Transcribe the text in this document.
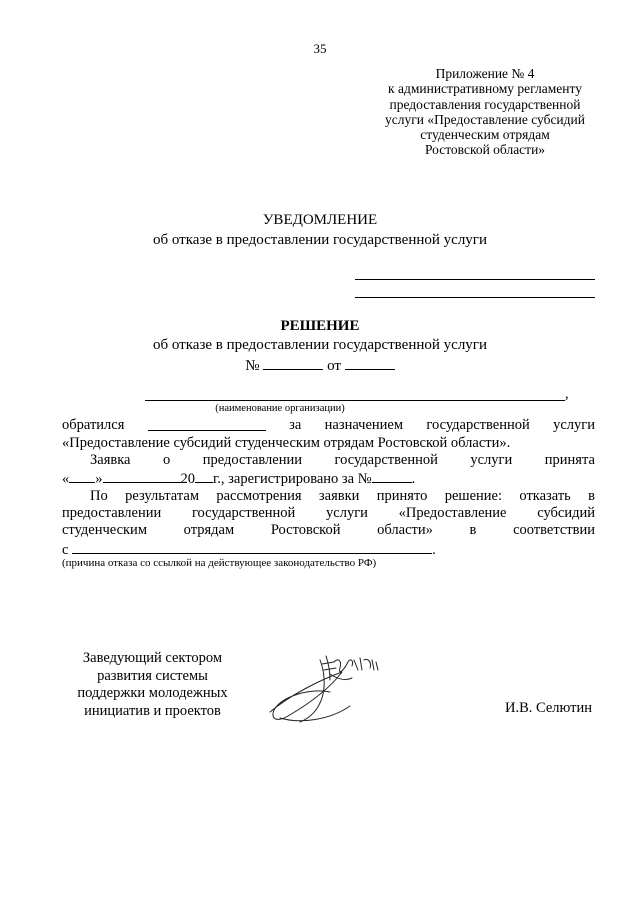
35
Приложение № 4
к административному регламенту
предоставления государственной
услуги «Предоставление субсидий
студенческим отрядам
Ростовской области»
УВЕДОМЛЕНИЕ
об отказе в предоставлении государственной услуги
РЕШЕНИЕ
об отказе в предоставлении государственной услуги
№	от
,
(наименование организации)
обратился	за назначением государственной услуги
«Предоставление субсидий студенческим отрядам Ростовской области».
Заявка о предоставлении государственной услуги принята
« »	20 г., зарегистрировано за №	.
По результатам рассмотрения заявки принято решение: отказать в
предоставлении государственной услуги «Предоставление субсидий
студенческим отрядам Ростовской области» в соответствии
с	.
(причина отказа со ссылкой на действующее законодательство РФ)
Заведующий сектором
развития системы
поддержки молодежных
инициатив и проектов	И.В. Селютин
